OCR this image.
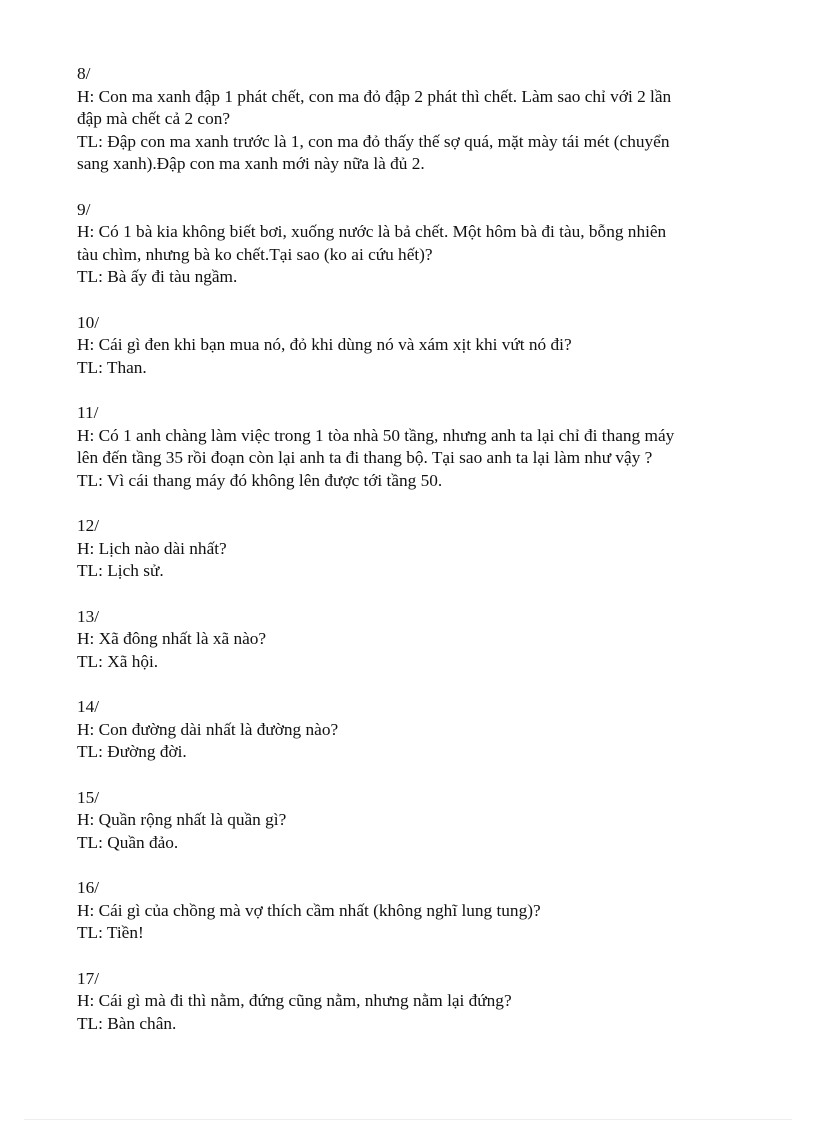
8/
H: Con ma xanh đập 1 phát chết, con ma đỏ đập 2 phát thì chết. Làm sao chỉ với 2 lần
đập mà chết cả 2 con?
TL: Đập con ma xanh trước là 1, con ma đỏ thấy thế sợ quá, mặt mày tái mét (chuyển
sang xanh).Đập con ma xanh mới này nữa là đủ 2.
9/
H: Có 1 bà kia không biết bơi, xuống nước là bả chết. Một hôm bà đi tàu, bỗng nhiên
tàu chìm, nhưng bà ko chết.Tại sao (ko ai cứu hết)?
TL: Bà ấy đi tàu ngầm.
10/
H: Cái gì đen khi bạn mua nó, đỏ khi dùng nó và xám xịt khi vứt nó đi?
TL: Than.
11/
H: Có 1 anh chàng làm việc trong 1 tòa nhà 50 tầng, nhưng anh ta lại chỉ đi thang máy
lên đến tầng 35 rồi đoạn còn lại anh ta đi thang bộ. Tại sao anh ta lại làm như vậy ?
TL: Vì cái thang máy đó không lên được tới tầng 50.
12/
H: Lịch nào dài nhất?
TL: Lịch sử.
13/
H: Xã đông nhất là xã nào?
TL: Xã hội.
14/
H: Con đường dài nhất là đường nào?
TL: Đường đời.
15/
H: Quần rộng nhất là quần gì?
TL: Quần đảo.
16/
H: Cái gì của chồng mà vợ thích cầm nhất (không nghĩ lung tung)?
TL: Tiền!
17/
H: Cái gì mà đi thì nằm, đứng cũng nằm, nhưng nằm lại đứng?
TL: Bàn chân.
